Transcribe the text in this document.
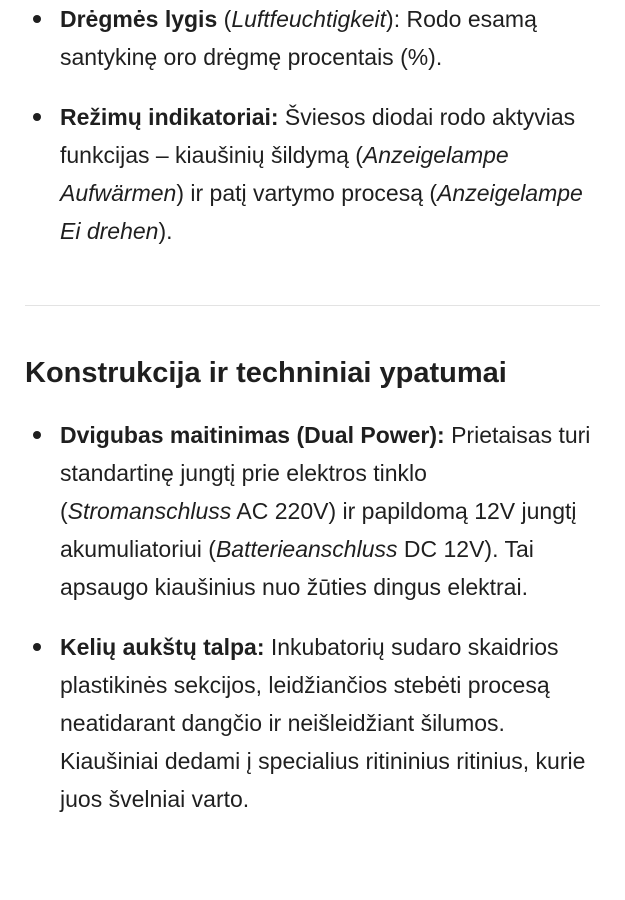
Drėgmės lygis (Luftfeuchtigkeit): Rodo esamą santykinę oro drėgmę procentais (%).
Režimų indikatoriai: Šviesos diodai rodo aktyvias funkcijas – kiaušinių šildymą (Anzeigelampe Aufwärmen) ir patį vartymo procesą (Anzeigelampe Ei drehen).
Konstrukcija ir techniniai ypatumai
Dvigubas maitinimas (Dual Power): Prietaisas turi standartinę jungtį prie elektros tinklo (Stromanschluss AC 220V) ir papildomą 12V jungtį akumuliatoriui (Batterieanschluss DC 12V). Tai apsaugo kiaušinius nuo žūties dingus elektrai.
Kelių aukštų talpa: Inkubatorių sudaro skaidrios plastikinės sekcijos, leidžiančios stebėti procesą neatidarant dangčio ir neišleidžiant šilumos. Kiaušiniai dedami į specialius ritininius ritinius, kurie juos švelniai varto.
